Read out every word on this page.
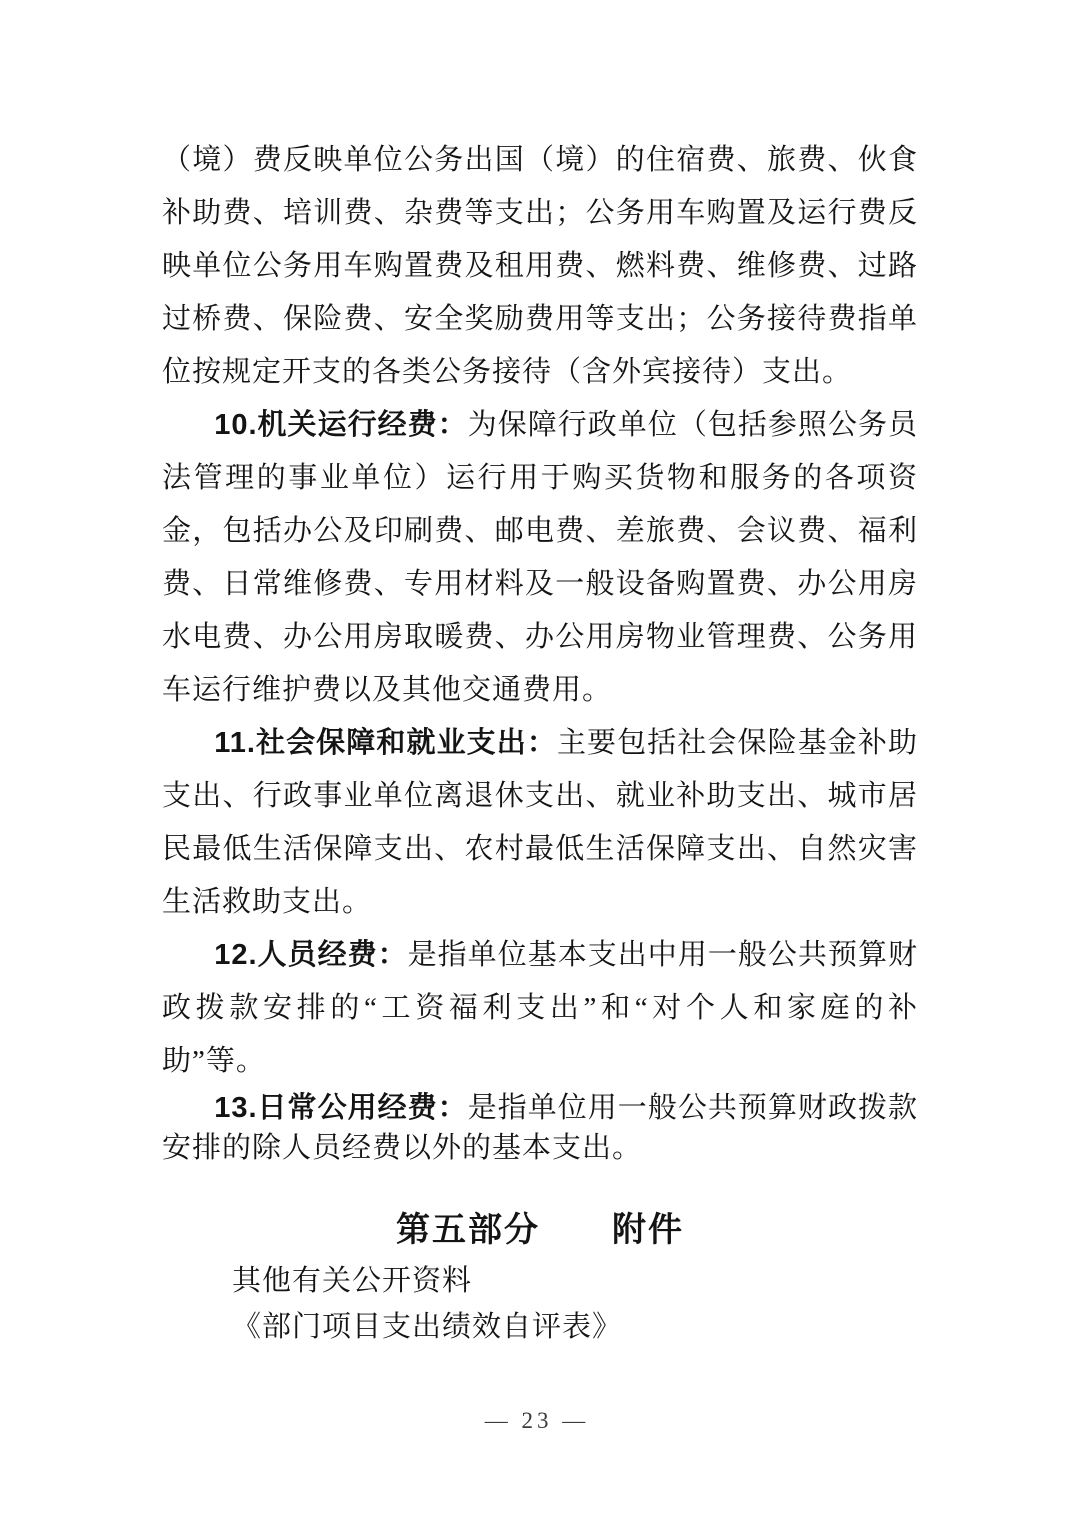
（境）费反映单位公务出国（境）的住宿费、旅费、伙食补助费、培训费、杂费等支出；公务用车购置及运行费反映单位公务用车购置费及租用费、燃料费、维修费、过路过桥费、保险费、安全奖励费用等支出；公务接待费指单位按规定开支的各类公务接待（含外宾接待）支出。
10.机关运行经费：为保障行政单位（包括参照公务员法管理的事业单位）运行用于购买货物和服务的各项资金，包括办公及印刷费、邮电费、差旅费、会议费、福利费、日常维修费、专用材料及一般设备购置费、办公用房水电费、办公用房取暖费、办公用房物业管理费、公务用车运行维护费以及其他交通费用。
11.社会保障和就业支出：主要包括社会保险基金补助支出、行政事业单位离退休支出、就业补助支出、城市居民最低生活保障支出、农村最低生活保障支出、自然灾害生活救助支出。
12.人员经费：是指单位基本支出中用一般公共预算财政拨款安排的“工资福利支出”和“对个人和家庭的补助”等。
13.日常公用经费：是指单位用一般公共预算财政拨款安排的除人员经费以外的基本支出。
第五部分　　附件
其他有关公开资料
《部门项目支出绩效自评表》
— 23 —
